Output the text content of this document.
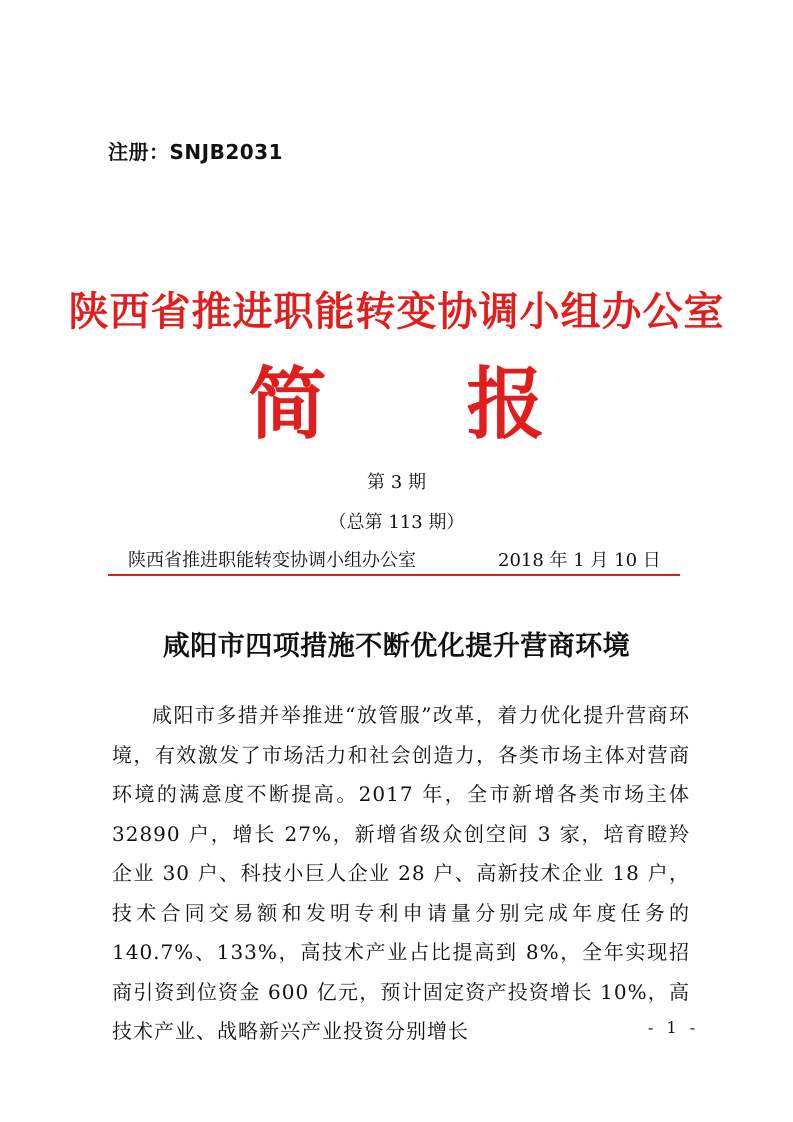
注册：SNJB2031
陕西省推进职能转变协调小组办公室
简报
第 3 期
（总第 113 期）
陕西省推进职能转变协调小组办公室	2018 年 1 月 10 日
咸阳市四项措施不断优化提升营商环境
咸阳市多措并举推进“放管服”改革，着力优化提升营商环境，有效激发了市场活力和社会创造力，各类市场主体对营商环境的满意度不断提高。2017 年，全市新增各类市场主体 32890 户，增长 27%，新增省级众创空间 3 家，培育瞪羚企业 30 户、科技小巨人企业 28 户、高新技术企业 18 户，技术合同交易额和发明专利申请量分别完成年度任务的 140.7%、133%，高技术产业占比提高到 8%，全年实现招商引资到位资金 600 亿元，预计固定资产投资增长 10%，高技术产业、战略新兴产业投资分别增长	- 1 -
